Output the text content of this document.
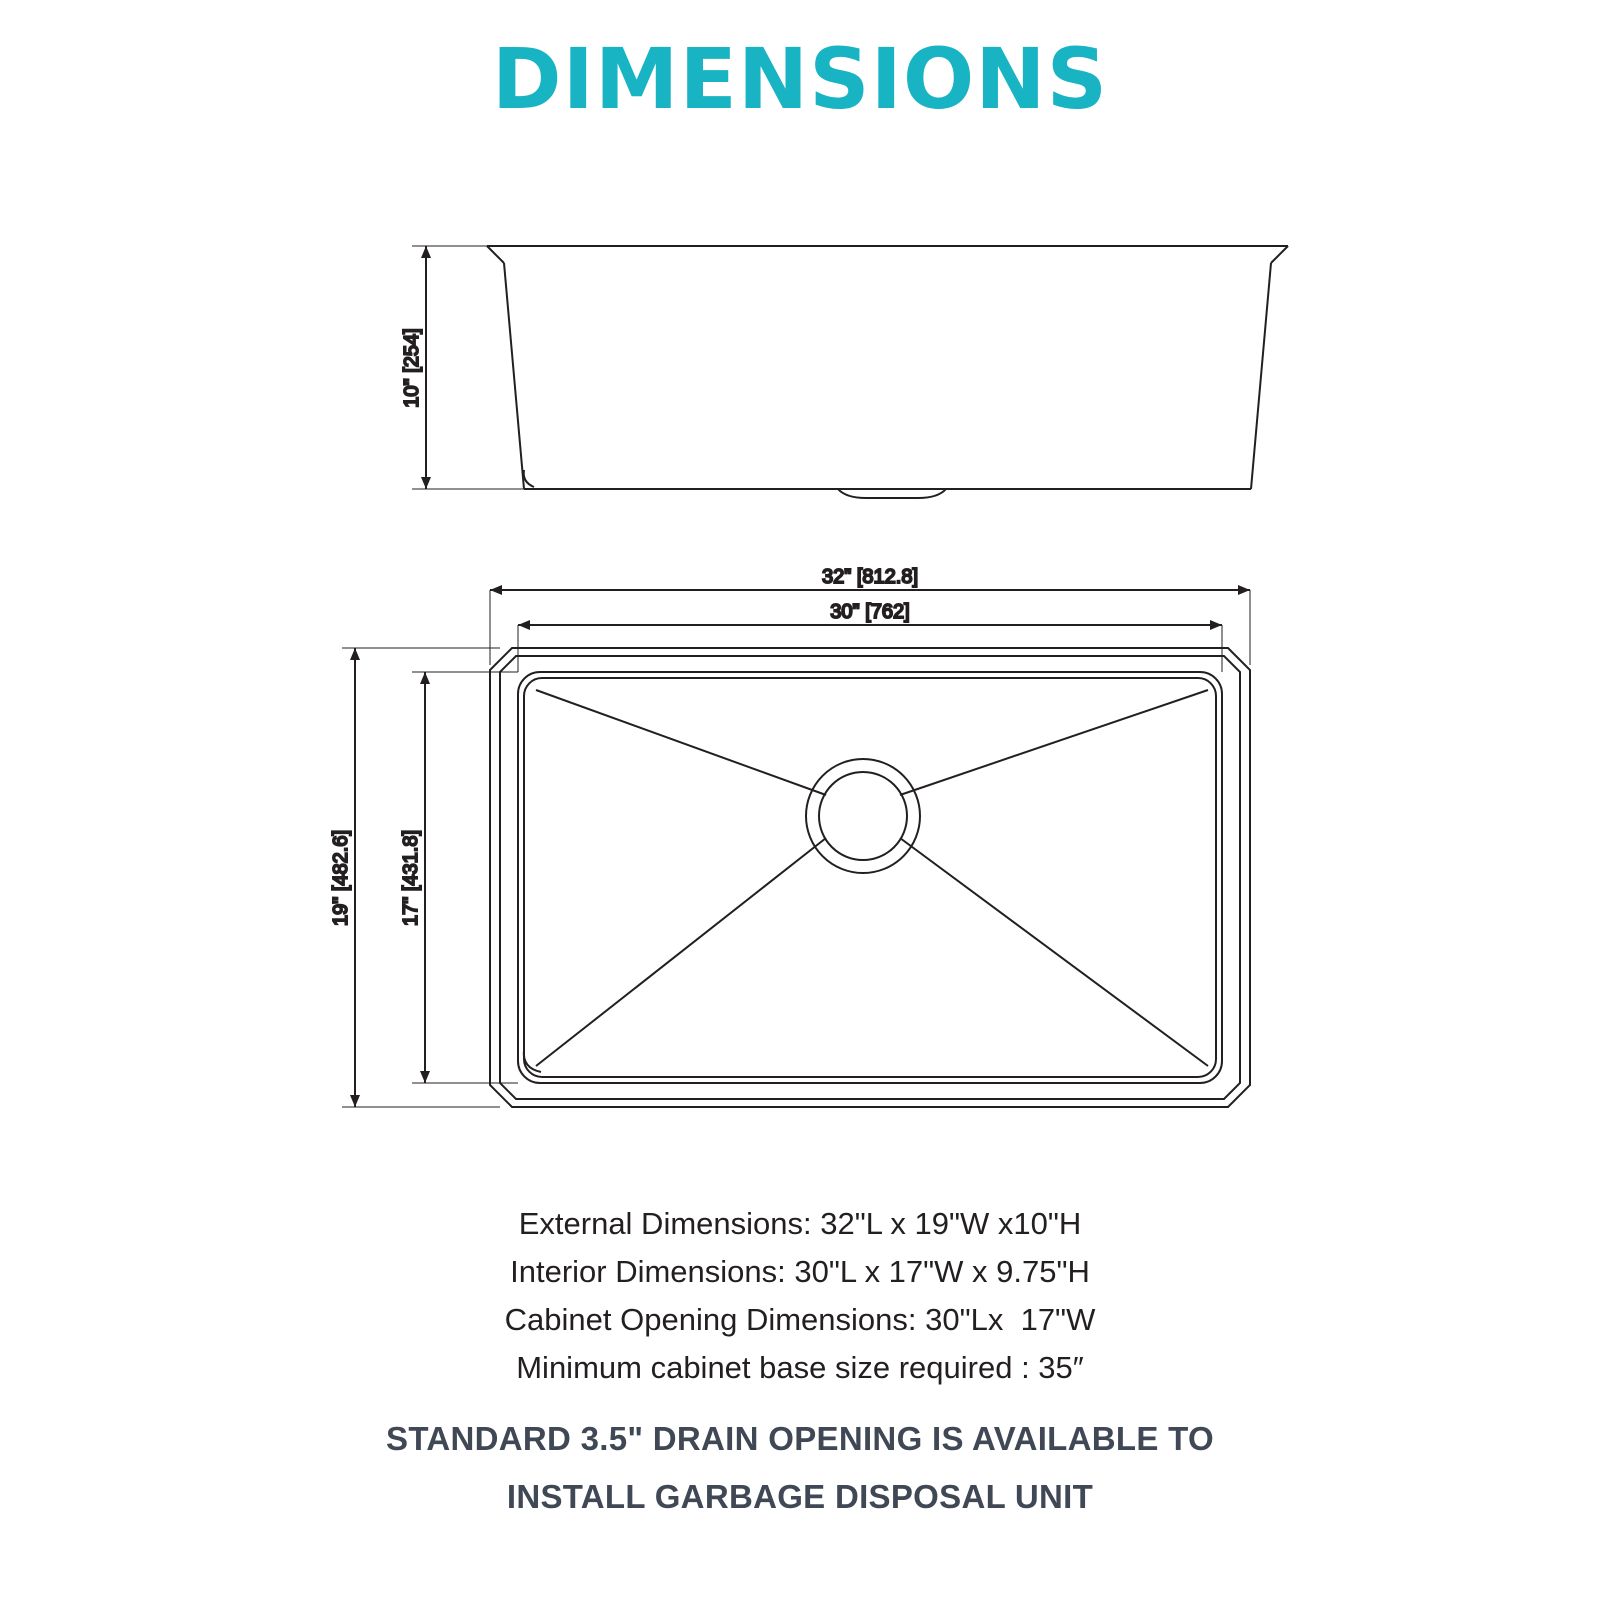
DIMENSIONS
10" [254]
32" [812.8]
30" [762]
19" [482.6] 17" [431.8]
External Dimensions: 32"L x 19"W x10"H
Interior Dimensions: 30"L x 17"W x 9.75"H
Cabinet Opening Dimensions: 30"Lx  17"W
Minimum cabinet base size required : 35″
STANDARD 3.5" DRAIN OPENING IS AVAILABLE TO
INSTALL GARBAGE DISPOSAL UNIT
